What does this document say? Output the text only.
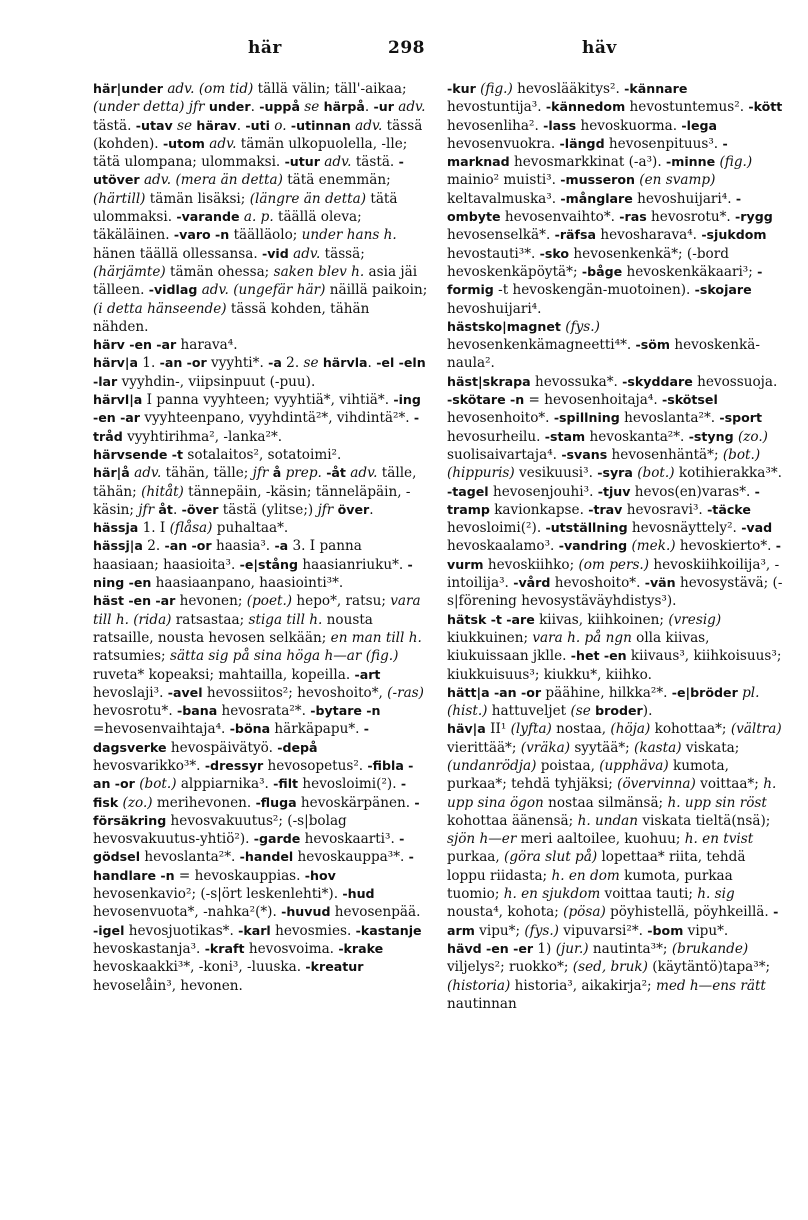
här	298	häv

här|under adv. (om tid) tällä välin; täll'-aikaa; (under detta) jfr under. -uppå se härpå. -ur adv. tästä. -utav se härav. -uti o. -utinnan adv. tässä (kohden). -utom adv. tämän ulkopuolella, -lle; tätä ulompana; ulommaksi. -utur adv. tästä. -utöver adv. (mera än detta) tätä enemmän; (härtill) tämän lisäksi; (längre än detta) tätä ulommaksi. -varande a. p. täällä oleva; täkäläinen. -varo -n täälläolo; under hans h. hänen täällä ollessansa. -vid adv. tässä; (härjämte) tämän ohessa; saken blev h. asia jäi tälleen. -vidlag adv. (ungefär här) näillä paikoin; (i detta hänseende) tässä kohden, tähän nähden.

härv -en -ar harava⁴.

härv|a 1. -an -or vyyhti*. -a 2. se härvla. -el -eln -lar vyyhdin-, viipsinpuut (-puu).

härvl|a I panna vyyhteen; vyyhtiä*, vihtiä*. -ing -en -ar vyyhteenpano, vyyhdintä²*, vihdintä²*. -tråd vyyhtirihma², -lanka²*.

härvsende -t sotalaitos², sotatoimi².

här|å adv. tähän, tälle; jfr å prep. -åt adv. tälle, tähän; (hitåt) tännepäin, -käsin; tänneläpäin, -käsin; jfr åt. -över tästä (ylitse;) jfr över.

hässja 1. I (flåsa) puhaltaa*.

hässj|a 2. -an -or haasia³. -a 3. I panna haasiaan; haasioita³. -e|stång haasianriuku*. -ning -en haasiaanpano, haasiointi³*.

häst -en -ar hevonen; (poet.) hepo*, ratsu; vara till h. (rida) ratsastaa; stiga till h. nousta ratsaille, nousta hevosen selkään; en man till h. ratsumies; sätta sig på sina höga h—ar (fig.) ruveta* kopeaksi; mahtailla, kopeilla. -art hevoslaji³. -avel hevossiitos²; hevoshoito*, (-ras) hevosrotu*. -bana hevosrata²*. -bytare -n =hevosenvaihtaja⁴. -böna härkäpapu*. -dagsverke hevospäivätyö. -depå hevosvarikko³*. -dressyr hevosopetus². -fibla -an -or (bot.) alppiarnika³. -filt hevosloimi(²). -fisk (zo.) merihevonen. -fluga hevoskärpänen. -försäkring hevosvakuutus²; (-s|bolag hevosvakuutus-yhtiö²). -garde hevoskaarti³. -gödsel hevoslanta²*. -handel hevoskauppa³*. -handlare -n = hevoskauppias. -hov hevosenkavio²; (-s|ört leskenlehti*). -hud hevosenvuota*, -nahka²(*). -huvud hevosenpää. -igel hevosjuotikas*. -karl hevosmies. -kastanje hevoskastanja³. -kraft hevosvoima. -krake hevoskaakki³*, -koni³, -luuska. -kreatur hevoselåin³, hevonen.

-kur (fig.) hevoslääkitys². -kännare hevostuntija³. -kännedom hevostuntemus². -kött hevosenliha². -lass hevoskuorma. -lega hevosenvuokra. -längd hevosenpituus³. -marknad hevosmarkkinat (-a³). -minne (fig.) mainio² muisti³. -musseron (en svamp) keltavalmuska³. -månglare hevoshuijari⁴. -ombyte hevosenvaihto*. -ras hevosrotu*. -rygg hevosenselkä*. -räfsa hevosharava⁴. -sjukdom hevostauti³*. -sko hevosenkenkä*; (-bord hevoskenkäpöytä*; -båge hevoskenkäkaari³; -formig -t hevoskengän-muotoinen). -skojare hevoshuijari⁴.

hästsko|magnet (fys.) hevosenkenkämagneetti⁴*. -söm hevoskenkä-naula².

häst|skrapa hevossuka*. -skyddare hevossuoja. -skötare -n = hevosenhoitaja⁴. -skötsel hevosenhoito*. -spillning hevoslanta²*. -sport hevosurheilu. -stam hevoskanta²*. -styng (zo.) suolisaivartaja⁴. -svans hevosenhäntä*; (bot.) (hippuris) vesikuusi³. -syra (bot.) kotihierakka³*. -tagel hevosenjouhi³. -tjuv hevos(en)varas*. -tramp kavionkapse. -trav hevosravi³. -täcke hevosloimi(²). -utställning hevosnäyttely². -vad hevoskaalamo³. -vandring (mek.) hevoskierto*. -vurm hevoskiihko; (om pers.) hevoskiihkoilija³, -intoilija³. -vård hevoshoito*. -vän hevosystävä; (-s|förening hevosystäväyhdistys³).

hätsk -t -are kiivas, kiihkoinen; (vresig) kiukkuinen; vara h. på ngn olla kiivas, kiukuissaan jklle. -het -en kiivaus³, kiihkoisuus³; kiukkuisuus³; kiukku*, kiihko.

hätt|a -an -or päähine, hilkka²*. -e|bröder pl. (hist.) hattuveljet (se broder).

häv|a II¹ (lyfta) nostaa, (höja) kohottaa*; (vältra) vierittää*; (vräka) syytää*; (kasta) viskata; (undanrödja) poistaa, (upphäva) kumota, purkaa*; tehdä tyhjäksi; (övervinna) voittaa*; h. upp sina ögon nostaa silmänsä; h. upp sin röst kohottaa äänensä; h. undan viskata tieltä(nsä); sjön h—er meri aaltoilee, kuohuu; h. en tvist purkaa, (göra slut på) lopettaa* riita, tehdä loppu riidasta; h. en dom kumota, purkaa tuomio; h. en sjukdom voittaa tauti; h. sig nousta⁴, kohota; (pösa) pöyhistellä, pöyhkeillä. -arm vipu*; (fys.) vipuvarsi²*. -bom vipu*.

hävd -en -er 1) (jur.) nautinta³*; (brukande) viljelys²; ruokko*; (sed, bruk) (käytäntö)tapa³*; (historia) historia³, aikakirja²; med h—ens rätt nautinnan
